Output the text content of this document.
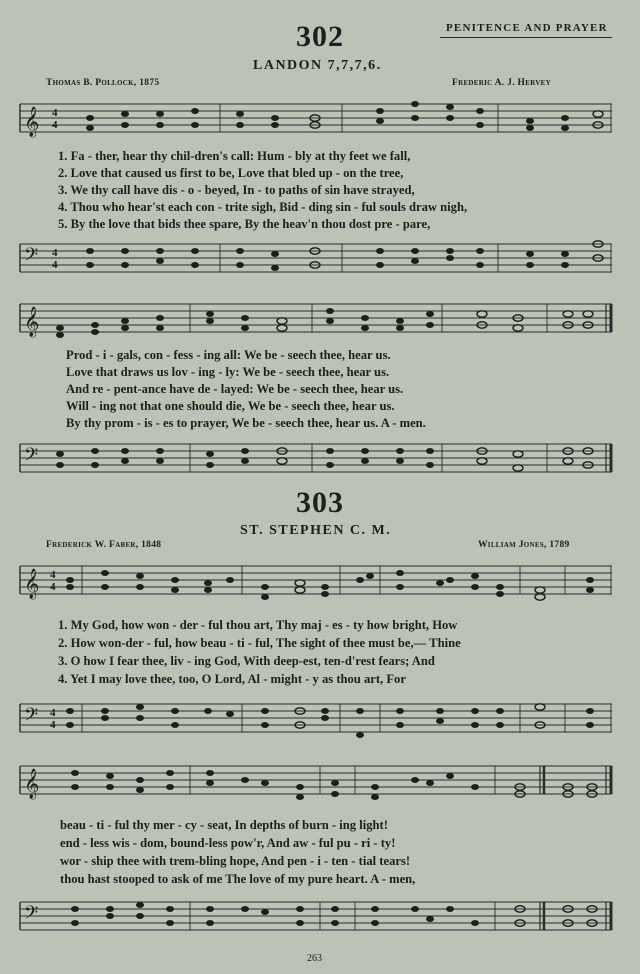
302	PENITENCE AND PRAYER
LANDON 7,7,7,6.
Thomas B. Pollock, 1875	Frederic A. J. Hervey
𝄞 4
4
1. Fa - ther, hear thy chil-dren's call: Hum - bly at thy feet we fall,
2. Love that caused us first to be, Love that bled up - on the tree,
3. We thy call have dis - o - beyed, In - to paths of sin have strayed,
4. Thou who hear'st each con - trite sigh, Bid - ding sin - ful souls draw nigh,
5. By the love that bids thee spare, By the heav'n thou dost pre - pare,
𝄢 4
4
𝄞
Prod - i - gals, con - fess - ing all: We be - seech thee, hear us.
Love that draws us lov - ing - ly: We be - seech thee, hear us.
And re - pent-ance have de - layed: We be - seech thee, hear us.
Will - ing not that one should die, We be - seech thee, hear us.
By thy prom - is - es to prayer, We be - seech thee, hear us. A - men.
𝄢
303
ST. STEPHEN C. M.
Frederick W. Faber, 1848	William Jones, 1789
𝄞 4
4
1. My God, how won - der - ful thou art, Thy maj - es - ty how bright, How
2. How won-der - ful, how beau - ti - ful, The sight of thee must be,— Thine
3. O how I fear thee, liv - ing God, With deep-est, ten-d'rest fears; And
4. Yet I may love thee, too, O Lord, Al - might - y as thou art, For
𝄢 4
4
𝄞
beau - ti - ful thy mer - cy - seat, In depths of burn - ing light!
end - less wis - dom, bound-less pow'r, And aw - ful pu - ri - ty!
wor - ship thee with trem-bling hope, And pen - i - ten - tial tears!
thou hast stooped to ask of me The love of my pure heart. A - men,
𝄢
263
